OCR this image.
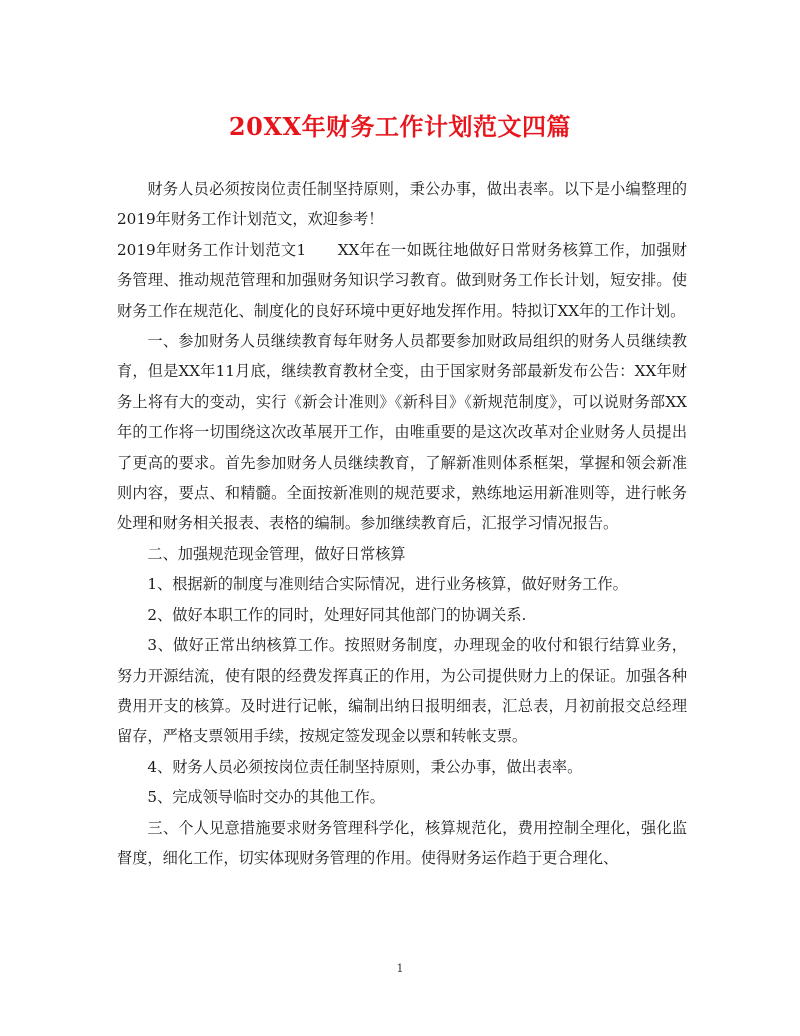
20XX年财务工作计划范文四篇

财务人员必须按岗位责任制坚持原则，秉公办事，做出表率。以下是小编整理的2019年财务工作计划范文，欢迎参考！

2019年财务工作计划范文1　　XX年在一如既往地做好日常财务核算工作，加强财务管理、推动规范管理和加强财务知识学习教育。做到财务工作长计划，短安排。使财务工作在规范化、制度化的良好环境中更好地发挥作用。特拟订XX年的工作计划。

一、参加财务人员继续教育每年财务人员都要参加财政局组织的财务人员继续教育，但是XX年11月底，继续教育教材全变，由于国家财务部最新发布公告：XX年财务上将有大的变动，实行《新会计准则》《新科目》《新规范制度》，可以说财务部XX年的工作将一切围绕这次改革展开工作，由唯重要的是这次改革对企业财务人员提出了更高的要求。首先参加财务人员继续教育，了解新准则体系框架，掌握和领会新准则内容，要点、和精髓。全面按新准则的规范要求，熟练地运用新准则等，进行帐务处理和财务相关报表、表格的编制。参加继续教育后，汇报学习情况报告。

二、加强规范现金管理，做好日常核算

1、根据新的制度与准则结合实际情况，进行业务核算，做好财务工作。

2、做好本职工作的同时，处理好同其他部门的协调关系.

3、做好正常出纳核算工作。按照财务制度，办理现金的收付和银行结算业务，努力开源结流，使有限的经费发挥真正的作用，为公司提供财力上的保证。加强各种费用开支的核算。及时进行记帐，编制出纳日报明细表，汇总表，月初前报交总经理留存，严格支票领用手续，按规定签发现金以票和转帐支票。

4、财务人员必须按岗位责任制坚持原则，秉公办事，做出表率。

5、完成领导临时交办的其他工作。

三、个人见意措施要求财务管理科学化，核算规范化，费用控制全理化，强化监督度，细化工作，切实体现财务管理的作用。使得财务运作趋于更合理化、

1
